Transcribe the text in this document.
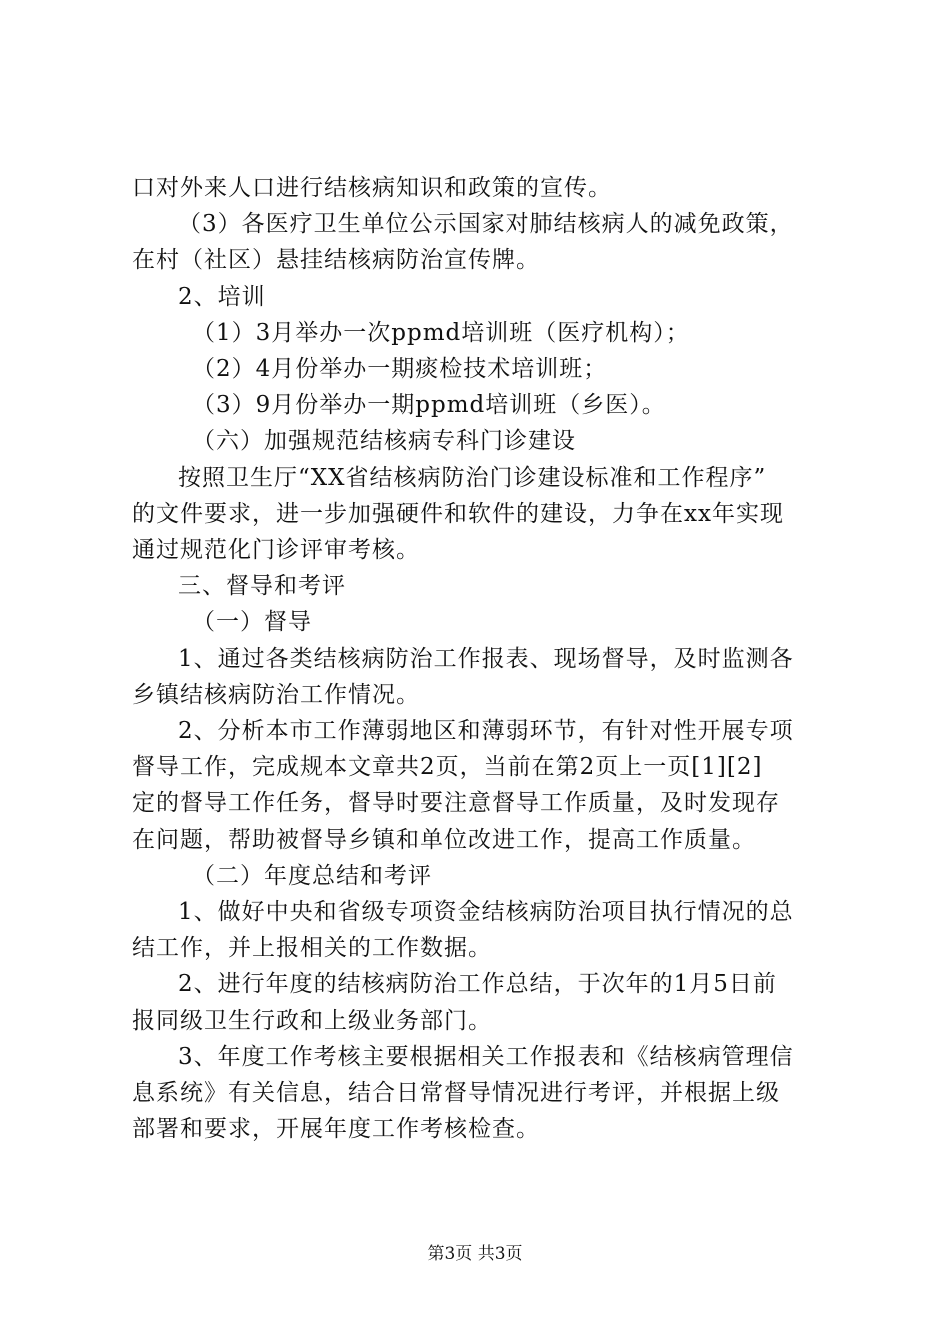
口对外来人口进行结核病知识和政策的宣传。

（3）各医疗卫生单位公示国家对肺结核病人的减免政策，

在村（社区）悬挂结核病防治宣传牌。

2、培训

（1）3月举办一次ppmd培训班（医疗机构）；

（2）4月份举办一期痰检技术培训班；

（3）9月份举办一期ppmd培训班（乡医）。

（六）加强规范结核病专科门诊建设

按照卫生厅“XX省结核病防治门诊建设标准和工作程序”

的文件要求，进一步加强硬件和软件的建设，力争在xx年实现

通过规范化门诊评审考核。

三、督导和考评

（一）督导

1、通过各类结核病防治工作报表、现场督导，及时监测各

乡镇结核病防治工作情况。

2、分析本市工作薄弱地区和薄弱环节，有针对性开展专项

督导工作，完成规本文章共2页，当前在第2页上一页[1][2]

定的督导工作任务，督导时要注意督导工作质量，及时发现存

在问题，帮助被督导乡镇和单位改进工作，提高工作质量。

（二）年度总结和考评

1、做好中央和省级专项资金结核病防治项目执行情况的总

结工作，并上报相关的工作数据。

2、进行年度的结核病防治工作总结，于次年的1月5日前

报同级卫生行政和上级业务部门。

3、年度工作考核主要根据相关工作报表和《结核病管理信

息系统》有关信息，结合日常督导情况进行考评，并根据上级

部署和要求，开展年度工作考核检查。

第3页 共3页
